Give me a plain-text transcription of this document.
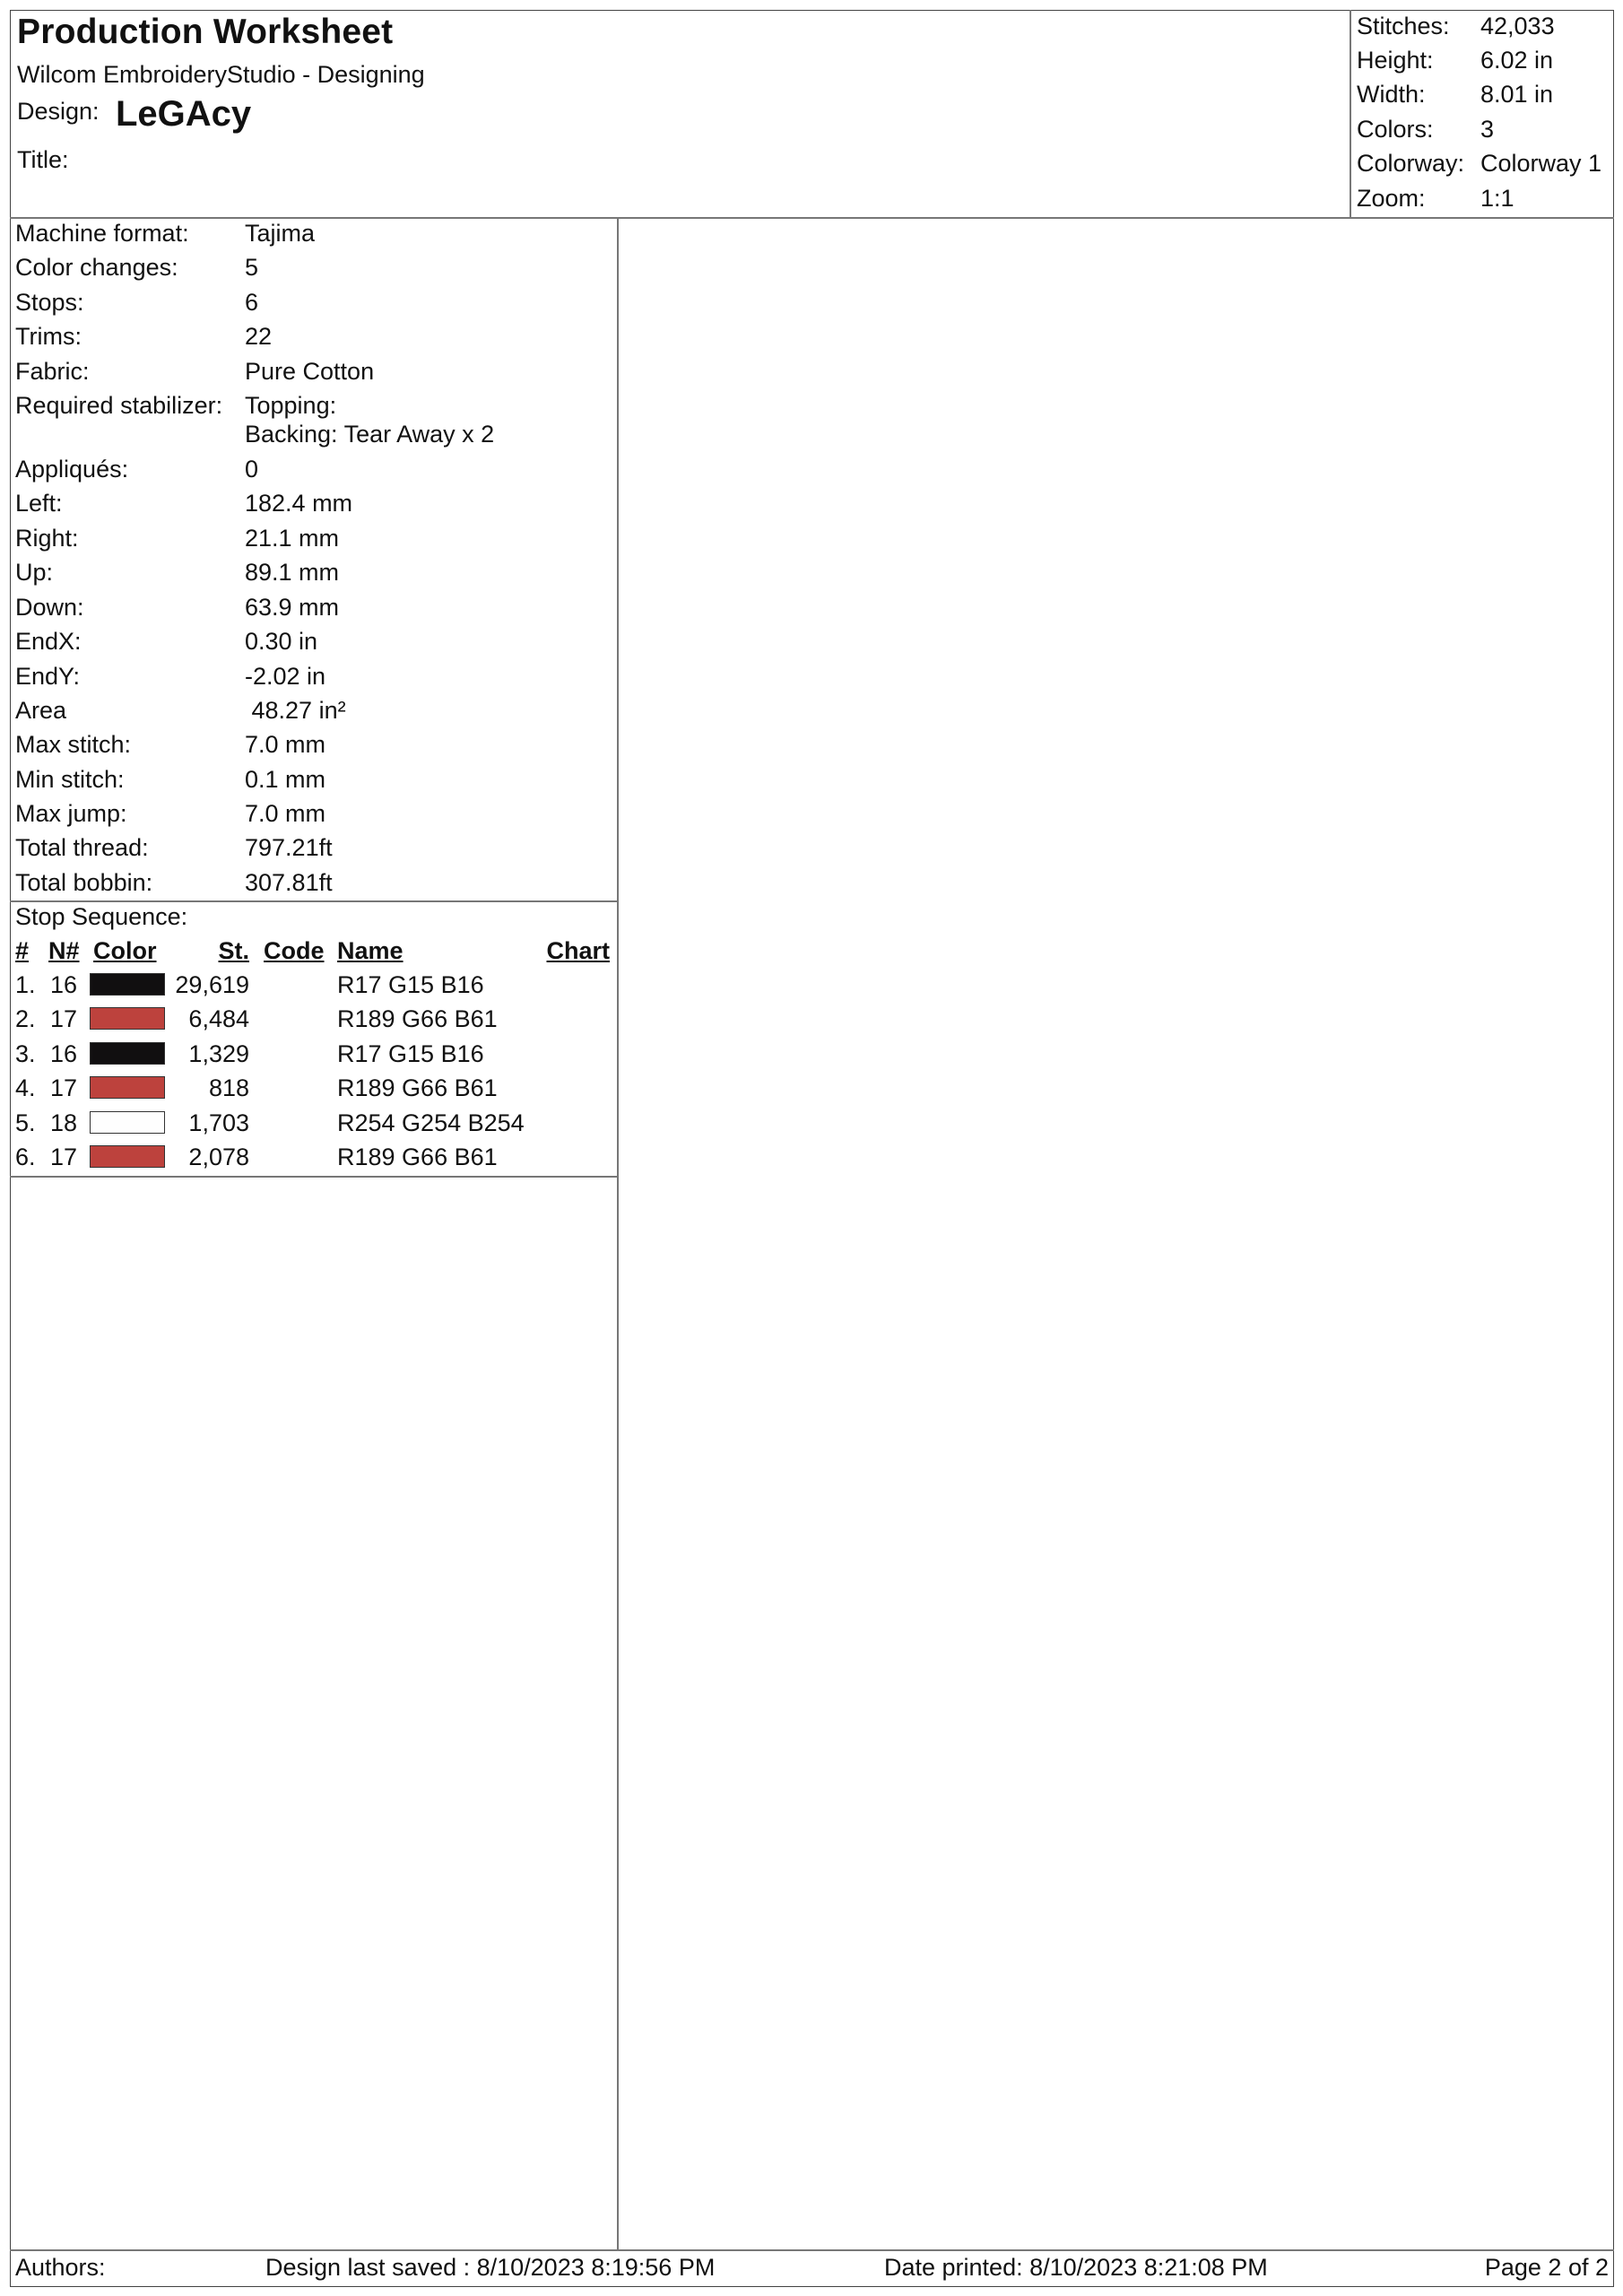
Production Worksheet
Wilcom EmbroideryStudio - Designing
Design: LeGAcy
Title:
Stitches: 42,033
Height: 6.02 in
Width: 8.01 in
Colors: 3
Colorway: Colorway 1
Zoom: 1:1
Machine format: Tajima
Color changes:	5
Stops:	6
Trims:	22
Fabric:	Pure Cotton
Required stabilizer: Topping:
Backing: Tear Away x 2
Appliqués:	0
Left:	182.4 mm
Right:	21.1 mm
Up:	89.1 mm
Down:	63.9 mm
EndX:	0.30 in
EndY:	-2.02 in
Area	48.27 in²
Max stitch:	7.0 mm
Min stitch:	0.1 mm
Max jump:	7.0 mm
Total thread:	797.21ft
Total bobbin:	307.81ft
Stop Sequence:
# N# Color	St. Code Name	Chart
1. 16	29,619	R17 G15 B16
2. 17	6,484	R189 G66 B61
3. 16	1,329	R17 G15 B16
4. 17	818	R189 G66 B61
5. 18	1,703	R254 G254 B254
6. 17	2,078	R189 G66 B61
Authors:	Design last saved : 8/10/2023 8:19:56 PM	Date printed: 8/10/2023 8:21:08 PM	Page 2 of 2
